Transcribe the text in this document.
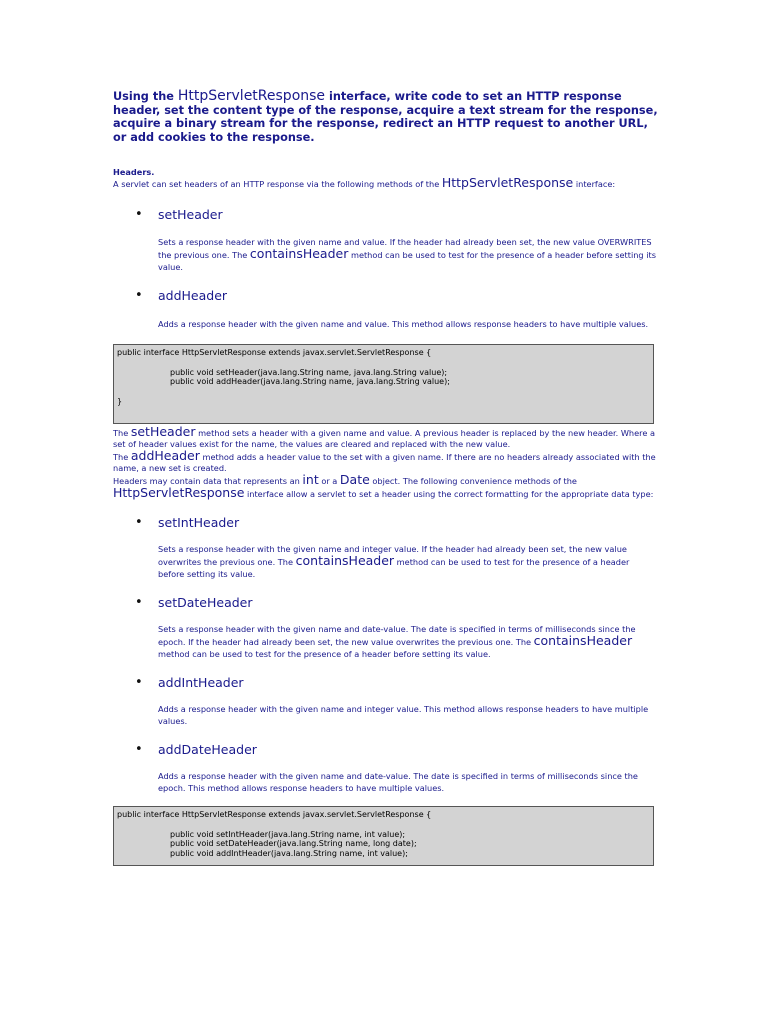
Using the HttpServletResponse interface, write code to set an HTTP response header, set the content type of the response, acquire a text stream for the response, acquire a binary stream for the response, redirect an HTTP request to another URL, or add cookies to the response.

Headers.
A servlet can set headers of an HTTP response via the following methods of the HttpServletResponse interface:
• setHeader
Sets a response header with the given name and value. If the header had already been set, the new value OVERWRITES the previous one. The containsHeader method can be used to test for the presence of a header before setting its value.
• addHeader
Adds a response header with the given name and value. This method allows response headers to have multiple values.
public interface HttpServletResponse extends javax.servlet.ServletResponse {
public void setHeader(java.lang.String name, java.lang.String value);
public void addHeader(java.lang.String name, java.lang.String value);
}
The setHeader method sets a header with a given name and value. A previous header is replaced by the new header. Where a set of header values exist for the name, the values are cleared and replaced with the new value.
The addHeader method adds a header value to the set with a given name. If there are no headers already associated with the name, a new set is created.
Headers may contain data that represents an int or a Date object. The following convenience methods of the HttpServletResponse interface allow a servlet to set a header using the correct formatting for the appropriate data type:
• setIntHeader
Sets a response header with the given name and integer value. If the header had already been set, the new value overwrites the previous one. The containsHeader method can be used to test for the presence of a header before setting its value.
• setDateHeader
Sets a response header with the given name and date-value. The date is specified in terms of milliseconds since the epoch. If the header had already been set, the new value overwrites the previous one. The containsHeader method can be used to test for the presence of a header before setting its value.
• addIntHeader
Adds a response header with the given name and integer value. This method allows response headers to have multiple values.
• addDateHeader
Adds a response header with the given name and date-value. The date is specified in terms of milliseconds since the epoch. This method allows response headers to have multiple values.
public interface HttpServletResponse extends javax.servlet.ServletResponse {
public void setIntHeader(java.lang.String name, int value);
public void setDateHeader(java.lang.String name, long date);
public void addIntHeader(java.lang.String name, int value);
